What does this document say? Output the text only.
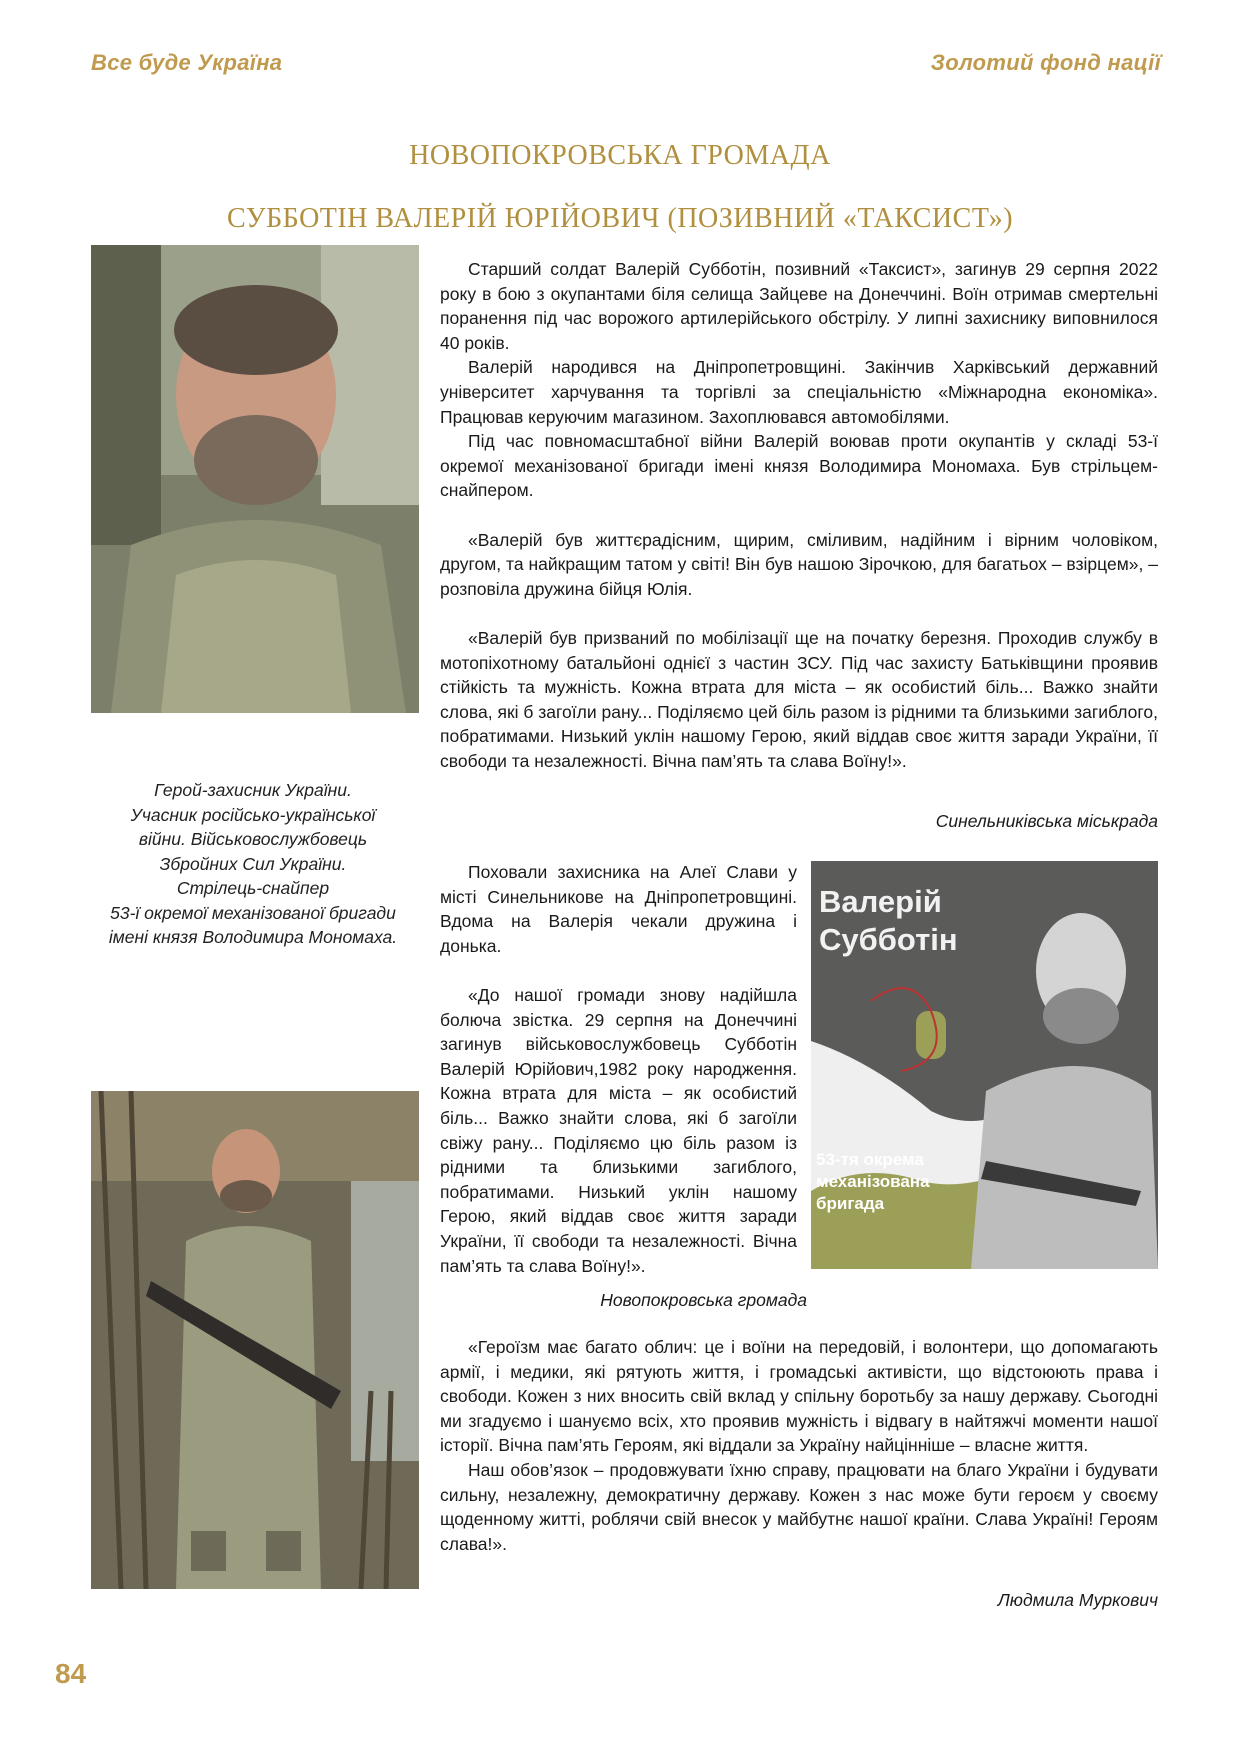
Все буде Україна	Золотий фонд нації
НОВОПОКРОВСЬКА ГРОМАДА
СУББОТІН ВАЛЕРІЙ ЮРІЙОВИЧ (ПОЗИВНИЙ «ТАКСИСТ»)
Герой-захисник України.
Учасник російсько-української
війни. Військовослужбовець
Збройних Сил України.
Стрілець-снайпер
53-ї окремої механізованої бригади
імені князя Володимира Мономаха.

Старший солдат Валерій Субботін, позивний «Таксист», загинув 29 серпня 2022 року в бою з окупантами біля селища Зайцеве на Донеччині. Воїн отримав смертельні поранення під час ворожого артилерійського обстрілу. У липні захиснику виповнилося 40 років.

Валерій народився на Дніпропетровщині. Закінчив Харківський державний університет харчування та торгівлі за спеціальністю «Міжнародна економіка». Працював керуючим магазином. Захоплювався автомобілями.

Під час повномасштабної війни Валерій воював проти окупантів у складі 53-ї окремої механізованої бригади імені князя Володимира Мономаха. Був стрільцем-снайпером.

«Валерій був життєрадісним, щирим, сміливим, надійним і вірним чоловіком, другом, та найкращим татом у світі! Він був нашою Зірочкою, для багатьох – взірцем», – розповіла дружина бійця Юлія.

«Валерій був призваний по мобілізації ще на початку березня. Проходив службу в мотопіхотному батальйоні однієї з частин ЗСУ. Під час захисту Батьківщини проявив стійкість та мужність. Кожна втрата для міста – як особистий біль... Важко знайти слова, які б загоїли рану... Поділяємо цей біль разом із рідними та близькими загиблого, побратимами. Низький уклін нашому Герою, який віддав своє життя заради України, її свободи та незалежності. Вічна пам’ять та слава Воїну!».

Синельниківська міськрада

Поховали захисника на Алеї Слави у місті Синельникове на Дніпропетровщині. Вдома на Валерія чекали дружина і донька.

«До нашої громади знову надійшла болюча звістка. 29 серпня на Донеччині загинув військовослужбовець Субботін Валерій Юрійович,1982 року народження. Кожна втрата для міста – як особистий біль... Важко знайти слова, які б загоїли свіжу рану... Поділяємо цю біль разом із рідними та близькими загиблого, побратимами. Низький уклін нашому Герою, який віддав своє життя заради України, її свободи та незалежності. Вічна пам’ять та слава Воїну!».

Новопокровська громада
Валерій
Субботін
53-тя окрема
механізована
бригада

«Героїзм має багато облич: це і воїни на передовій, і волонтери, що допомагають армії, і медики, які рятують життя, і громадські активісти, що відстоюють права і свободи. Кожен з них вносить свій вклад у спільну боротьбу за нашу державу. Сьогодні ми згадуємо і шануємо всіх, хто проявив мужність і відвагу в найтяжчі моменти нашої історії. Вічна пам’ять Героям, які віддали за Україну найцінніше – власне життя.

Наш обов’язок – продовжувати їхню справу, працювати на благо України і будувати сильну, незалежну, демократичну державу. Кожен з нас може бути героєм у своєму щоденному житті, роблячи свій внесок у майбутнє нашої країни. Слава Україні! Героям слава!».

Людмила Муркович
84
